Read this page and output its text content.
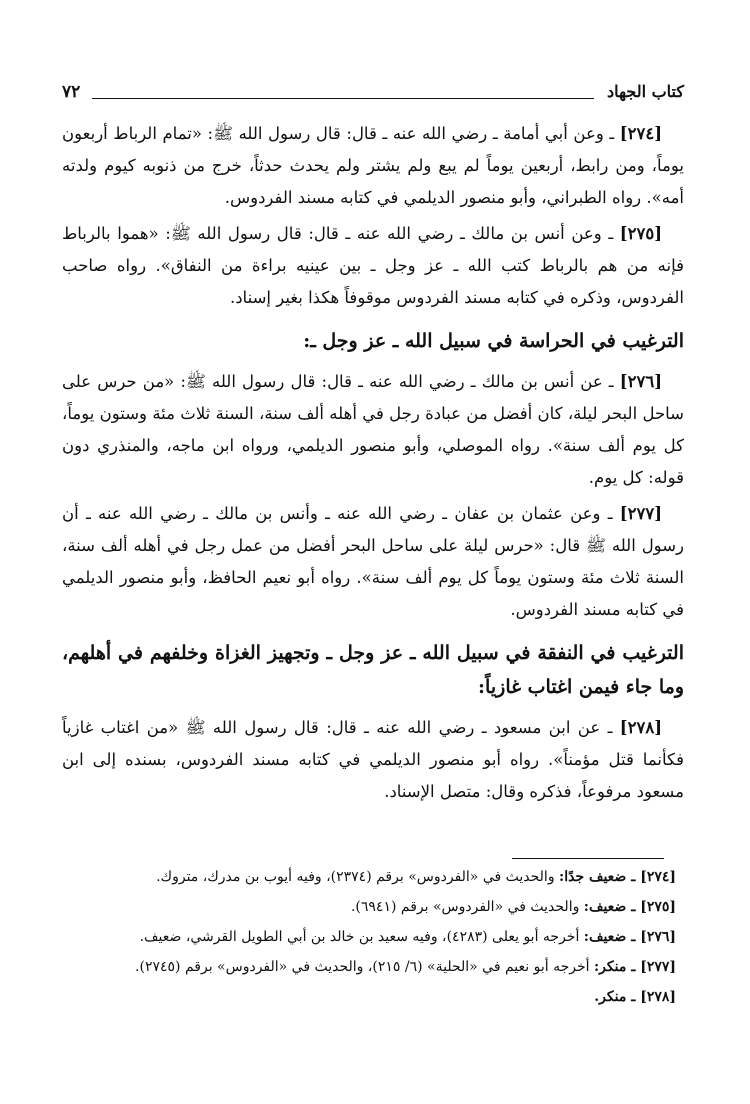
كتاب الجهاد
٧٢

[٢٧٤] ـ وعن أبي أمامة ـ رضي الله عنه ـ قال: قال رسول الله ﷺ: «تمام الرباط أربعون يوماً، ومن رابط، أربعين يوماً لم يبع ولم يشتر ولم يحدث حدثاً، خرج من ذنوبه كيوم ولدته أمه». رواه الطبراني، وأبو منصور الديلمي في كتابه مسند الفردوس.

[٢٧٥] ـ وعن أنس بن مالك ـ رضي الله عنه ـ قال: قال رسول الله ﷺ: «هموا بالرباط فإنه من هم بالرباط كتب الله ـ عز وجل ـ بين عينيه براءة من النفاق». رواه صاحب الفردوس، وذكره في كتابه مسند الفردوس موقوفاً هكذا بغير إسناد.

الترغيب في الحراسة في سبيل الله ـ عز وجل ـ:

[٢٧٦] ـ عن أنس بن مالك ـ رضي الله عنه ـ قال: قال رسول الله ﷺ: «من حرس على ساحل البحر ليلة، كان أفضل من عبادة رجل في أهله ألف سنة، السنة ثلاث مئة وستون يوماً، كل يوم ألف سنة». رواه الموصلي، وأبو منصور الديلمي، ورواه ابن ماجه، والمنذري دون قوله: كل يوم.

[٢٧٧] ـ وعن عثمان بن عفان ـ رضي الله عنه ـ وأنس بن مالك ـ رضي الله عنه ـ أن رسول الله ﷺ قال: «حرس ليلة على ساحل البحر أفضل من عمل رجل في أهله ألف سنة، السنة ثلاث مئة وستون يوماً كل يوم ألف سنة». رواه أبو نعيم الحافظ، وأبو منصور الديلمي في كتابه مسند الفردوس.

الترغيب في النفقة في سبيل الله ـ عز وجل ـ وتجهيز الغزاة وخلفهم في أهلهم، وما جاء فيمن اغتاب غازياً:

[٢٧٨] ـ عن ابن مسعود ـ رضي الله عنه ـ قال: قال رسول الله ﷺ «من اغتاب غازياً فكأنما قتل مؤمناً». رواه أبو منصور الديلمي في كتابه مسند الفردوس، بسنده إلى ابن مسعود مرفوعاً، فذكره وقال: متصل الإسناد.

[٢٧٤] ـ ضعيف جدًا: والحديث في «الفردوس» برقم (٢٣٧٤)، وفيه أيوب بن مدرك، متروك.

[٢٧٥] ـ ضعيف: والحديث في «الفردوس» برقم (٦٩٤١).

[٢٧٦] ـ ضعيف: أخرجه أبو يعلى (٤٢٨٣)، وفيه سعيد بن خالد بن أبي الطويل القرشي، ضعيف.

[٢٧٧] ـ منكر: أخرجه أبو نعيم في «الحلية» (٦/ ٢١٥)، والحديث في «الفردوس» برقم (٢٧٤٥).

[٢٧٨] ـ منكر.
